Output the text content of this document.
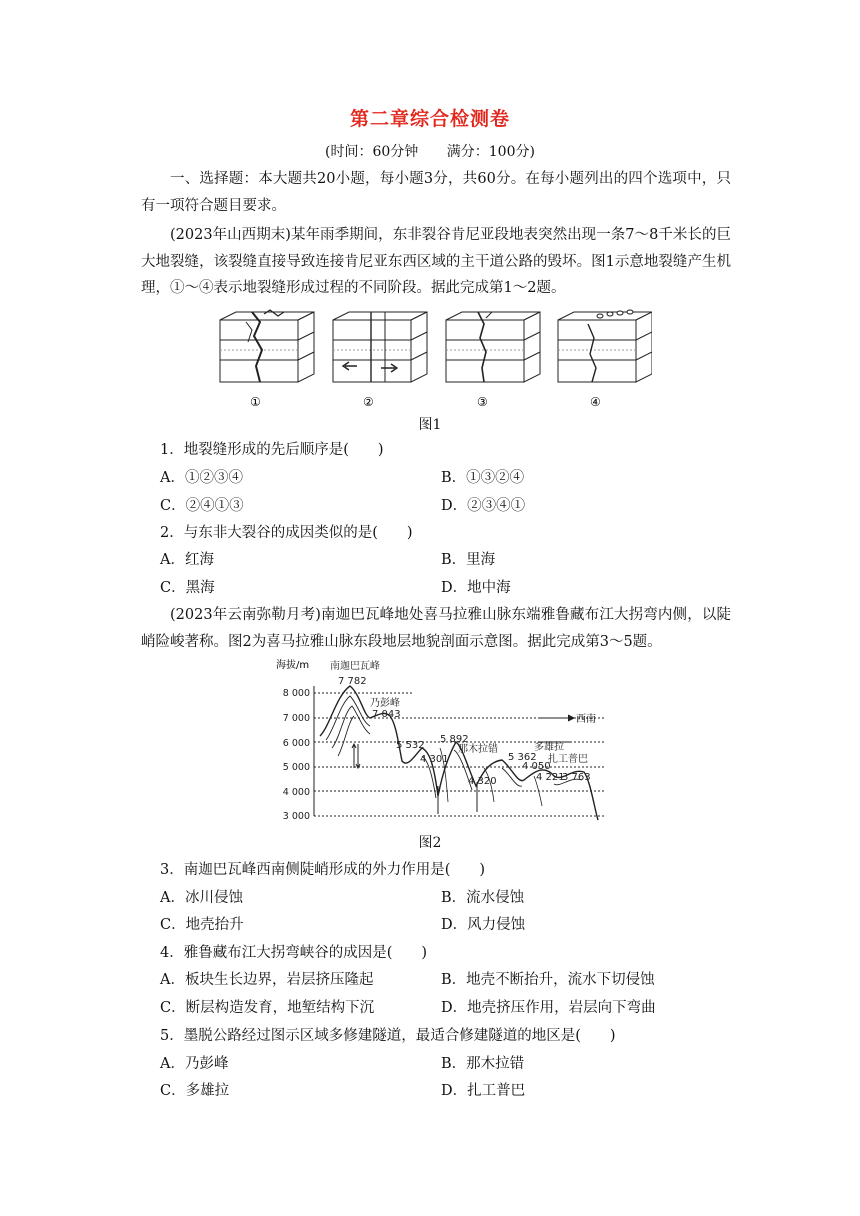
第二章综合检测卷
(时间：60分钟 满分：100分)
一、选择题：本大题共20小题，每小题3分，共60分。在每小题列出的四个选项中，只有一项符合题目要求。
(2023年山西期末)某年雨季期间，东非裂谷肯尼亚段地表突然出现一条7～8千米长的巨大地裂缝，该裂缝直接导致连接肯尼亚东西区域的主干道公路的毁坏。图1示意地裂缝产生机理，①～④表示地裂缝形成过程的不同阶段。据此完成第1～2题。
①	②	③	④
图1
1．地裂缝形成的先后顺序是(　　)
A．①②③④	B．①③②④
C．②④①③	D．②③④①
2．与东非大裂谷的成因类似的是(　　)
A．红海	B．里海
C．黑海	D．地中海
(2023年云南弥勒月考)南迦巴瓦峰地处喜马拉雅山脉东端雅鲁藏布江大拐弯内侧，以陡峭险峻著称。图2为喜马拉雅山脉东段地层地貌剖面示意图。据此完成第3～5题。
海拔/m
8 000
7 000
6 000
5 000
4 000
3 000
西南
南迦巴瓦峰
7 782
乃彭峰
7 043
5 532
4 301
5 892
那木拉错
4 320
5 362
多雄拉
4 050
扎工普巴
4 221
3 763
图2
3．南迦巴瓦峰西南侧陡峭形成的外力作用是(　　)
A．冰川侵蚀	B．流水侵蚀
C．地壳抬升	D．风力侵蚀
4．雅鲁藏布江大拐弯峡谷的成因是(　　)
A．板块生长边界，岩层挤压隆起	B．地壳不断抬升，流水下切侵蚀
C．断层构造发育，地堑结构下沉	D．地壳挤压作用，岩层向下弯曲
5．墨脱公路经过图示区域多修建隧道，最适合修建隧道的地区是(　　)
A．乃彭峰	B．那木拉错
C．多雄拉	D．扎工普巴
